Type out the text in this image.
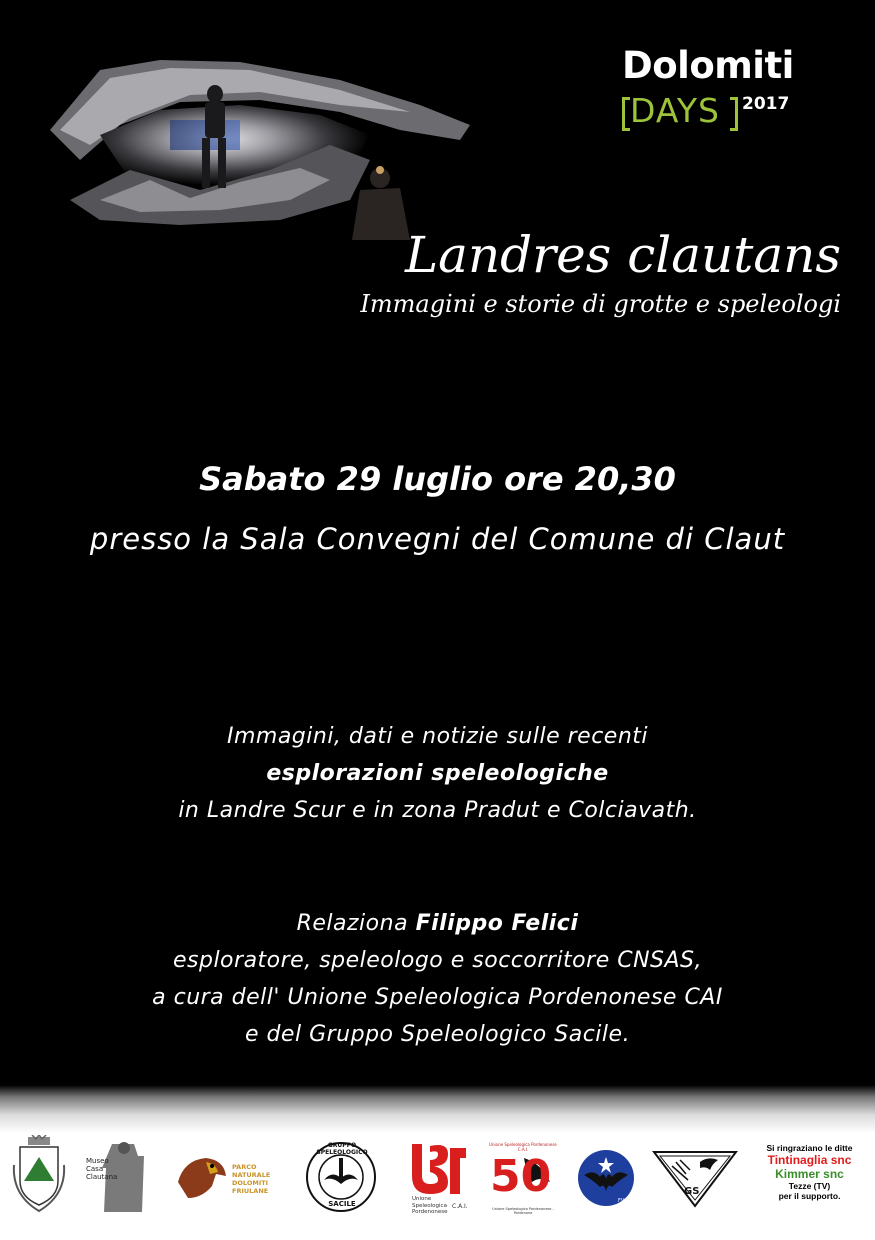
Dolomiti
DAYS 2017
Landres clautans
Immagini e storie di grotte e speleologi
Sabato 29 luglio ore 20,30
presso la Sala Convegni del Comune di Claut
Immagini, dati e notizie sulle recenti
esplorazioni speleologiche
in Landre Scur e in zona Pradut e Colciavath.
Relaziona Filippo Felici
esploratore, speleologo e soccorritore CNSAS,
a cura dell' Unione Speleologica Pordenonese CAI
e del Gruppo Speleologico Sacile.
Museo Casa Clautana
PARCO NATURALE DOLOMITI FRIULANE
GRUPPO SPELEOLOGICO
SACILE
Unione
Speleologica
Pordenonese
C.A.I.
Unione Speleologica Pordenonese C.A.I.
50
Unione Speleologica Pordenonese - Pordenone
FVG
GS
Si ringraziano le ditte
Tintinaglia snc
Kimmer snc
Tezze (TV)
per il supporto.
